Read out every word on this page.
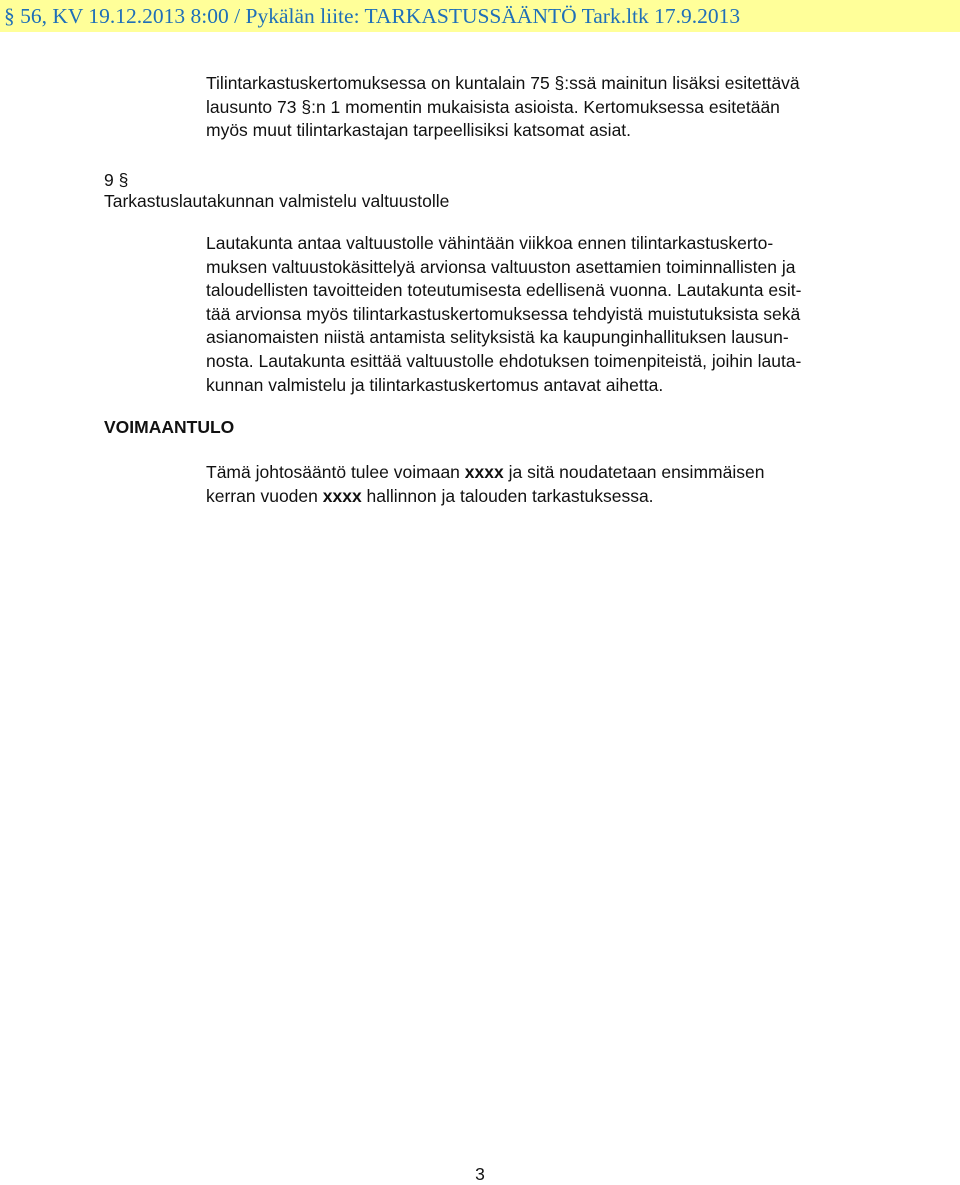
§ 56, KV 19.12.2013 8:00 / Pykälän liite: TARKASTUSSÄÄNTÖ Tark.ltk 17.9.2013
Tilintarkastuskertomuksessa on kuntalain 75 §:ssä mainitun lisäksi esitettävä
lausunto 73 §:n 1 momentin mukaisista asioista. Kertomuksessa esitetään
myös muut tilintarkastajan tarpeellisiksi katsomat asiat.
9 §
Tarkastuslautakunnan valmistelu valtuustolle
Lautakunta antaa valtuustolle vähintään viikkoa ennen tilintarkastuskerto-
muksen valtuustokäsittelyä arvionsa valtuuston asettamien toiminnallisten ja
taloudellisten tavoitteiden toteutumisesta edellisenä vuonna. Lautakunta esit-
tää arvionsa myös tilintarkastuskertomuksessa tehdyistä muistutuksista sekä
asianomaisten niistä antamista selityksistä ka kaupunginhallituksen lausun-
nosta. Lautakunta esittää valtuustolle ehdotuksen toimenpiteistä, joihin lauta-
kunnan valmistelu ja tilintarkastuskertomus antavat aihetta.
VOIMAANTULO
Tämä johtosääntö tulee voimaan xxxx ja sitä noudatetaan ensimmäisen
kerran vuoden xxxx hallinnon ja talouden tarkastuksessa.
3
